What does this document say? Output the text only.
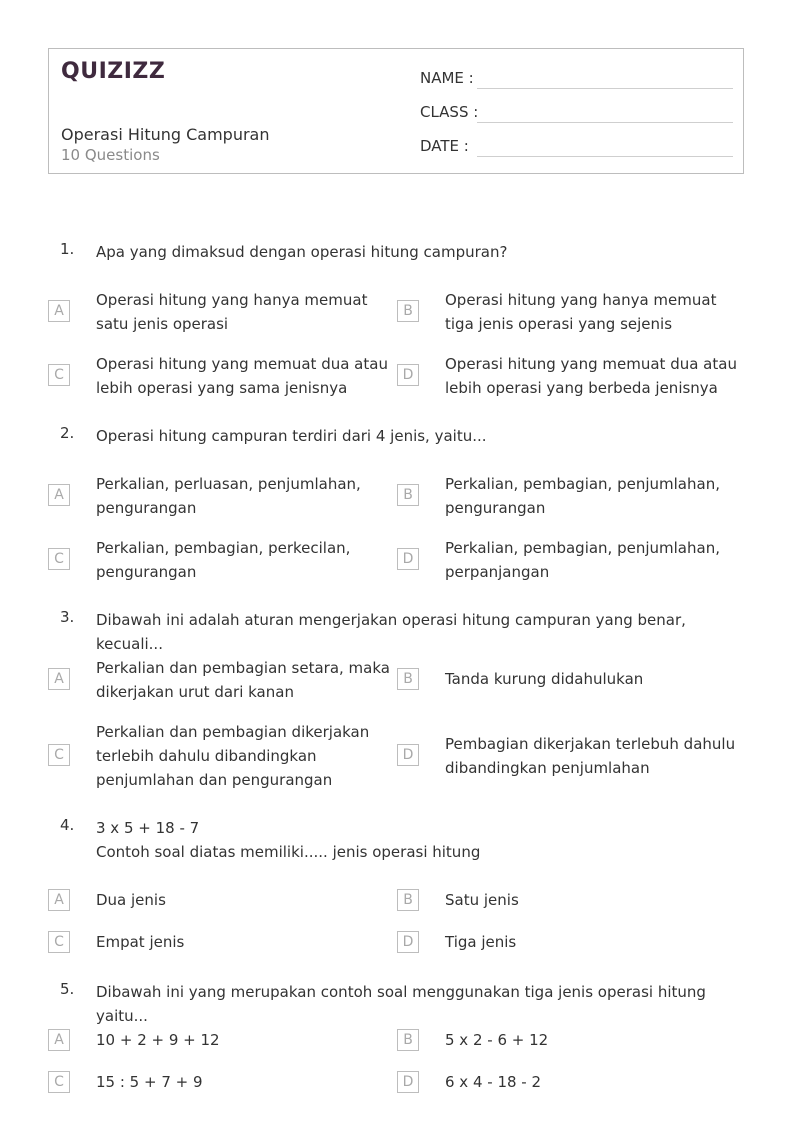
QUIZIZZ
Operasi Hitung Campuran
10 Questions
NAME :
CLASS :
DATE :
1. Apa yang dimaksud dengan operasi hitung campuran?
A
Operasi hitung yang hanya memuat satu jenis operasi
B
Operasi hitung yang hanya memuat tiga jenis operasi yang sejenis
C
Operasi hitung yang memuat dua atau lebih operasi yang sama jenisnya
D
Operasi hitung yang memuat dua atau lebih operasi yang berbeda jenisnya
2. Operasi hitung campuran terdiri dari 4 jenis, yaitu...
A
Perkalian, perluasan, penjumlahan, pengurangan
B
Perkalian, pembagian, penjumlahan, pengurangan
C
Perkalian, pembagian, perkecilan, pengurangan
D
Perkalian, pembagian, penjumlahan, perpanjangan
3. Dibawah ini adalah aturan mengerjakan operasi hitung campuran yang benar, kecuali...
A
Perkalian dan pembagian setara, maka dikerjakan urut dari kanan
B	Tanda kurung didahulukan
C
Perkalian dan pembagian dikerjakan terlebih dahulu dibandingkan penjumlahan dan pengurangan
D
Pembagian dikerjakan terlebuh dahulu dibandingkan penjumlahan
4. 3 x 5 + 18 - 7
Contoh soal diatas memiliki..... jenis operasi hitung
A	Dua jenis	B	Satu jenis
C	Empat jenis	D	Tiga jenis
5. Dibawah ini yang merupakan contoh soal menggunakan tiga jenis operasi hitung yaitu...
A	10 + 2 + 9 + 12	B	5 x 2 - 6 + 12
C	15 : 5 + 7 + 9	D	6 x 4 - 18 - 2
